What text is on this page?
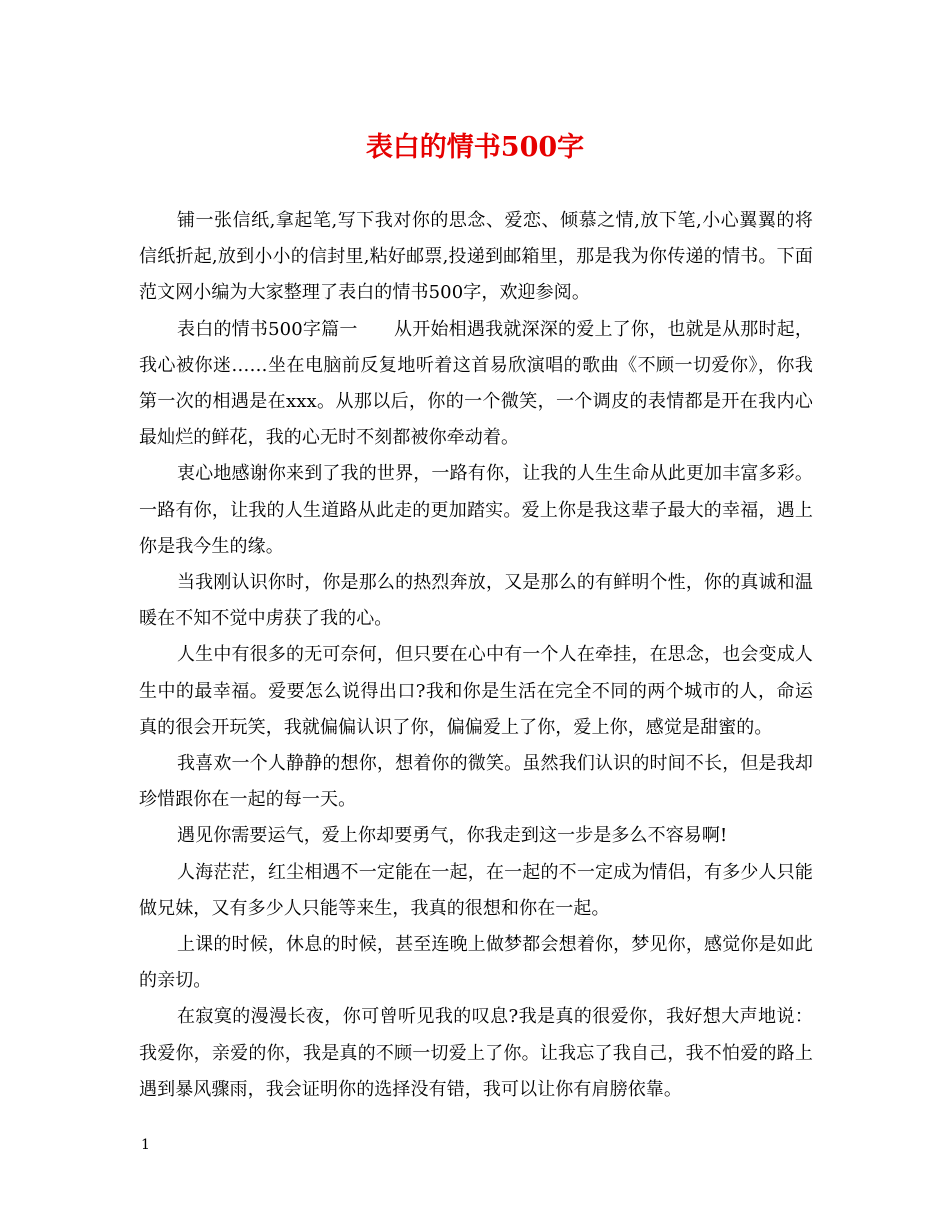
表白的情书500字

铺一张信纸,拿起笔,写下我对你的思念、爱恋、倾慕之情,放下笔,小心翼翼的将信纸折起,放到小小的信封里,粘好邮票,投递到邮箱里，那是我为你传递的情书。下面范文网小编为大家整理了表白的情书500字，欢迎参阅。

表白的情书500字篇一　　从开始相遇我就深深的爱上了你，也就是从那时起，我心被你迷……坐在电脑前反复地听着这首易欣演唱的歌曲《不顾一切爱你》，你我第一次的相遇是在xxx。从那以后，你的一个微笑，一个调皮的表情都是开在我内心最灿烂的鲜花，我的心无时不刻都被你牵动着。

衷心地感谢你来到了我的世界，一路有你，让我的人生生命从此更加丰富多彩。一路有你，让我的人生道路从此走的更加踏实。爱上你是我这辈子最大的幸福，遇上你是我今生的缘。

当我刚认识你时，你是那么的热烈奔放，又是那么的有鲜明个性，你的真诚和温暖在不知不觉中虏获了我的心。

人生中有很多的无可奈何，但只要在心中有一个人在牵挂，在思念，也会变成人生中的最幸福。爱要怎么说得出口?我和你是生活在完全不同的两个城市的人，命运真的很会开玩笑，我就偏偏认识了你，偏偏爱上了你，爱上你，感觉是甜蜜的。

我喜欢一个人静静的想你，想着你的微笑。虽然我们认识的时间不长，但是我却珍惜跟你在一起的每一天。

遇见你需要运气，爱上你却要勇气，你我走到这一步是多么不容易啊!

人海茫茫，红尘相遇不一定能在一起，在一起的不一定成为情侣，有多少人只能做兄妹，又有多少人只能等来生，我真的很想和你在一起。

上课的时候，休息的时候，甚至连晚上做梦都会想着你，梦见你，感觉你是如此的亲切。

在寂寞的漫漫长夜，你可曾听见我的叹息?我是真的很爱你，我好想大声地说：我爱你，亲爱的你，我是真的不顾一切爱上了你。让我忘了我自己，我不怕爱的路上遇到暴风骤雨，我会证明你的选择没有错，我可以让你有肩膀依靠。

1
